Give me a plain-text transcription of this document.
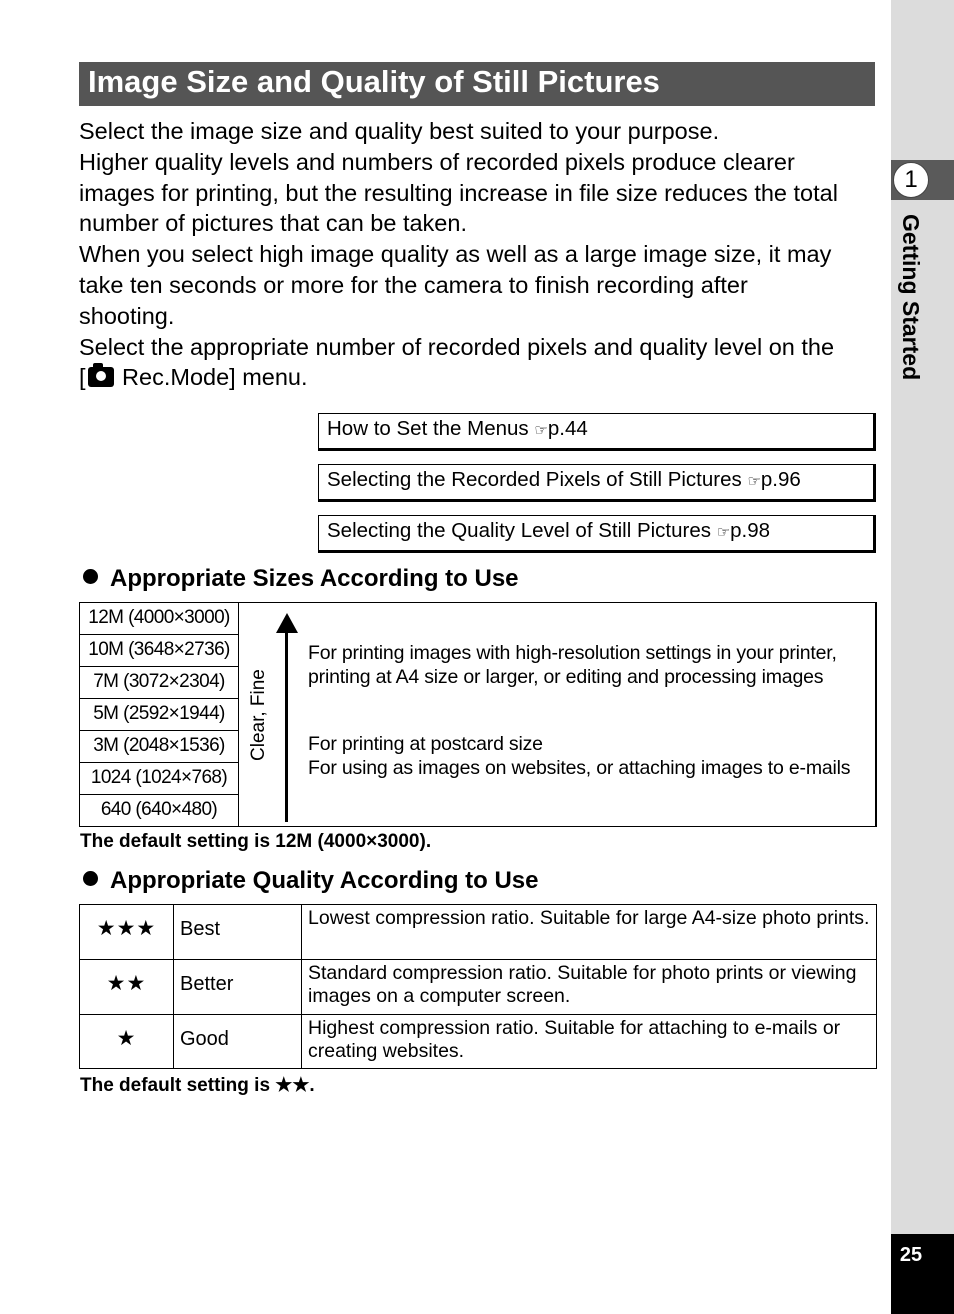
1
Getting Started
25
Image Size and Quality of Still Pictures

Select the image size and quality best suited to your purpose.

Higher quality levels and numbers of recorded pixels produce clearer
images for printing, but the resulting increase in file size reduces the total
number of pictures that can be taken.

When you select high image quality as well as a large image size, it may
take ten seconds or more for the camera to finish recording after
shooting.

Select the appropriate number of recorded pixels and quality level on the

[ Rec.Mode] menu.

How to Set the Menus ☞p.44
Selecting the Recorded Pixels of Still Pictures ☞p.96
Selecting the Quality Level of Still Pictures ☞p.98
Appropriate Sizes According to Use
12M (4000×3000)
10M (3648×2736)
7M (3072×2304)
5M (2592×1944)
3M (2048×1536)
1024 (1024×768)
640 (640×480)
Clear, Fine
For printing images with high-resolution settings in your printer,
printing at A4 size or larger, or editing and processing images
For printing at postcard size
For using as images on websites, or attaching images to e-mails
The default setting is 12M (4000×3000).
Appropriate Quality According to Use
★★★	Best	Lowest compression ratio. Suitable for large A4-size photo prints.
★★	Better	Standard compression ratio. Suitable for photo prints or viewing images on a computer screen.
★	Good	Highest compression ratio. Suitable for attaching to e-mails or creating websites.
The default setting is ★★.
